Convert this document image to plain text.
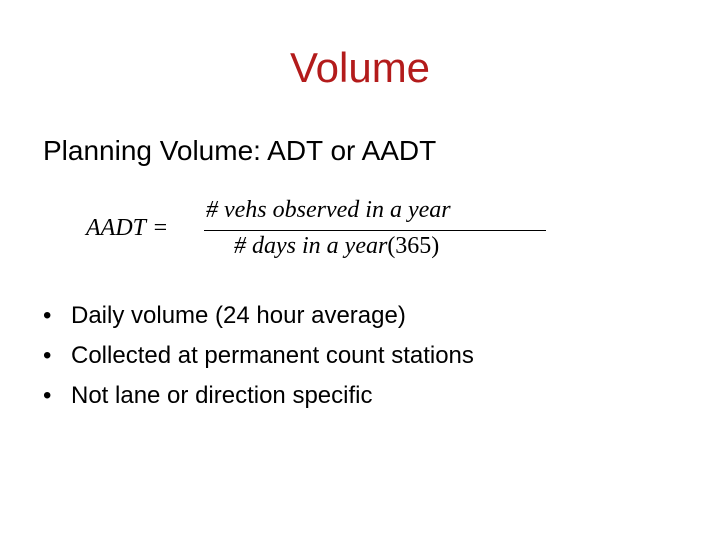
Volume
Planning Volume: ADT or AADT
AADT =
# vehs observed in a year
# days in a year(365)
• Daily volume (24 hour average)
• Collected at permanent count stations
• Not lane or direction specific
